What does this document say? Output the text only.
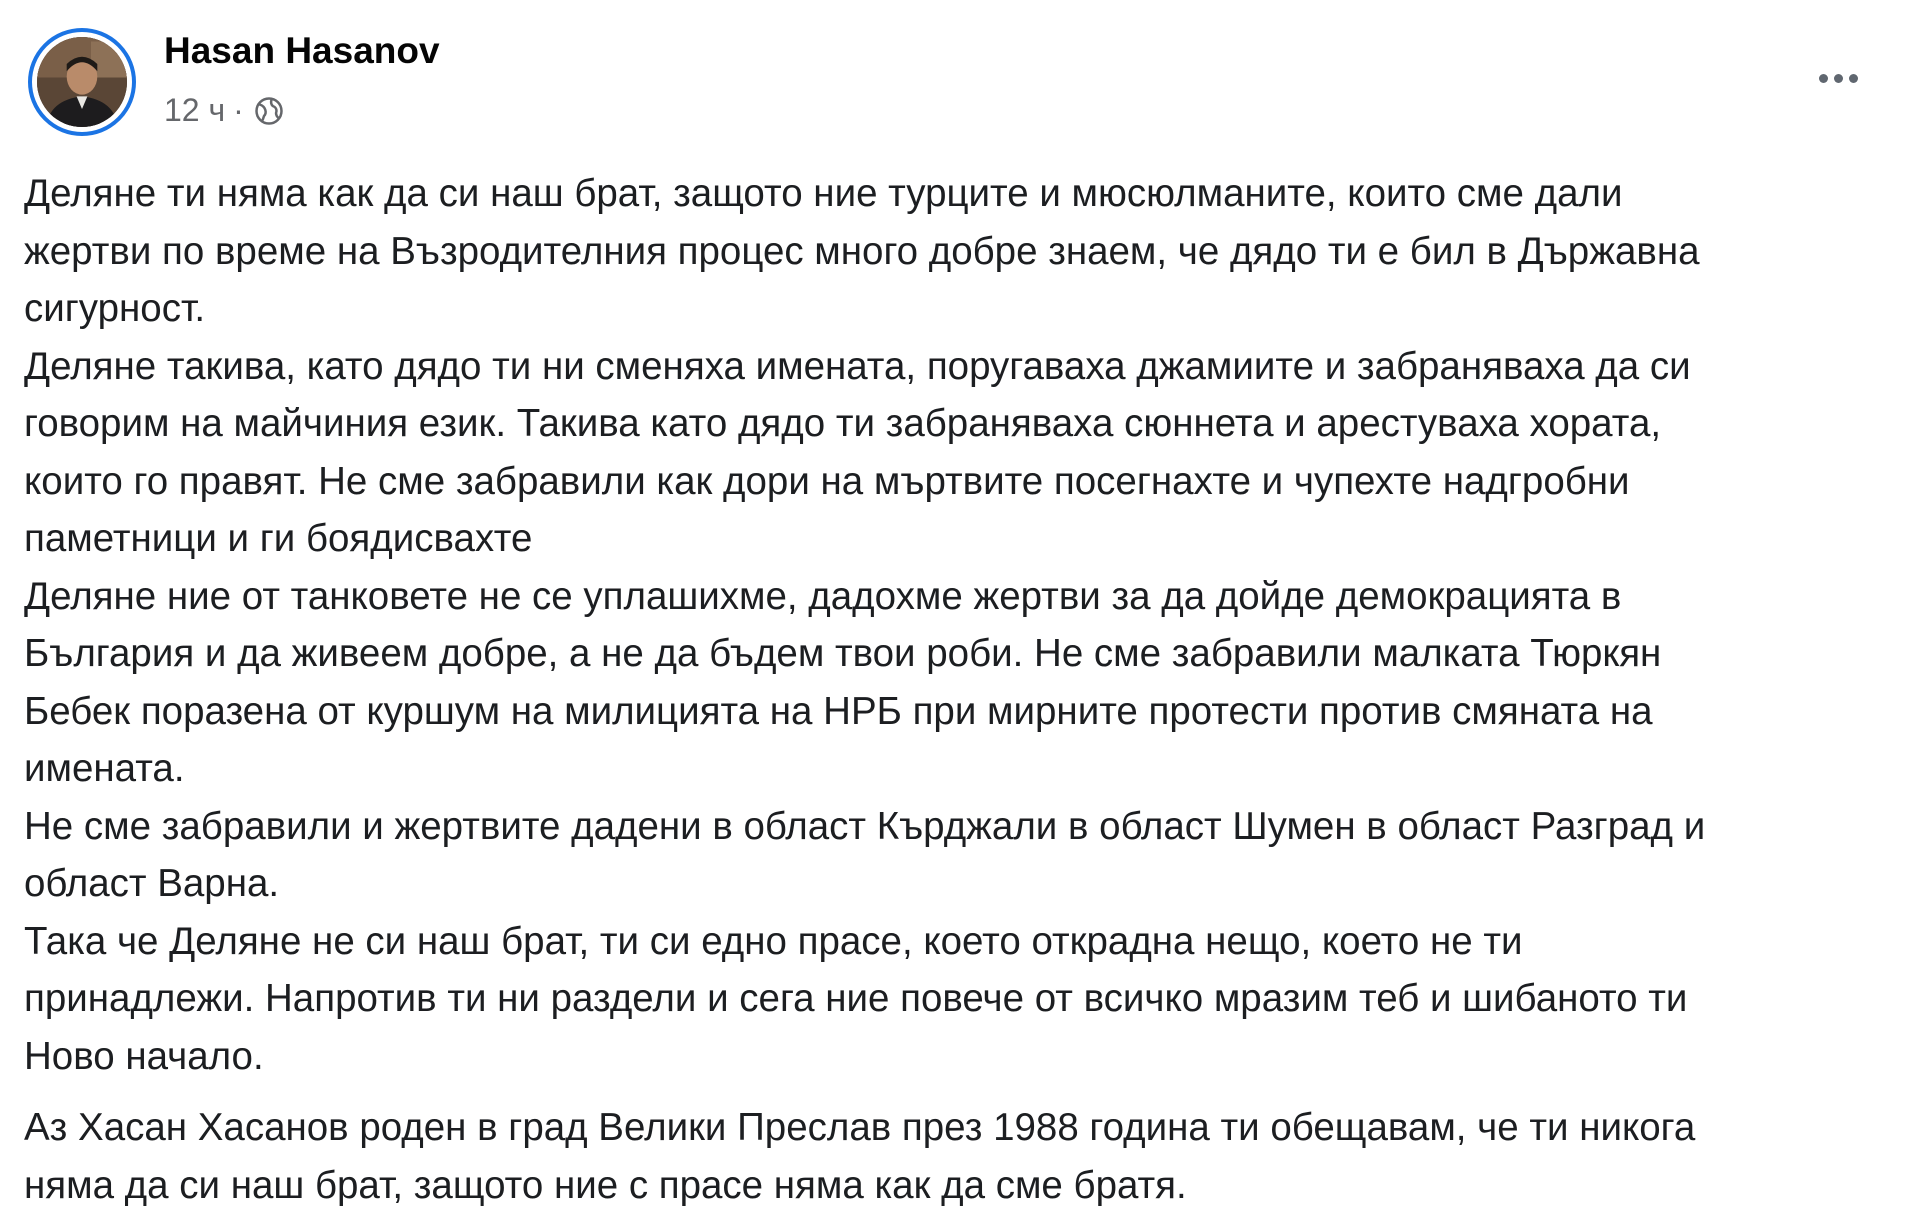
Hasan Hasanov
12 ч ·

Деляне ти няма как да си наш брат, защото ние турците и мюсюлманите, които сме дали

жертви по време на Възродителния процес много добре знаем, че дядо ти е бил в Държавна

сигурност.

Деляне такива, като дядо ти ни сменяха имената, поругаваха джамиите и забраняваха да си

говорим на майчиния език. Такива като дядо ти забраняваха сюннета и арестуваха хората,

които го правят. Не сме забравили как дори на мъртвите посегнахте и чупехте надгробни

паметници и ги боядисвахте

Деляне ние от танковете не се уплашихме, дадохме жертви за да дойде демокрацията в

България и да живеем добре, а не да бъдем твои роби. Не сме забравили малката Тюркян

Бебек поразена от куршум на милицията на НРБ при мирните протести против смяната на

имената.

Не сме забравили и жертвите дадени в област Кърджали в област Шумен в област Разград и

област Варна.

Така че Деляне не си наш брат, ти си едно прасе, което открадна нещо, което не ти

принадлежи. Напротив ти ни раздели и сега ние повече от всичко мразим теб и шибаното ти

Ново начало.

Аз Хасан Хасанов роден в град Велики Преслав през 1988 година ти обещавам, че ти никога

няма да си наш брат, защото ние с прасе няма как да сме братя.
